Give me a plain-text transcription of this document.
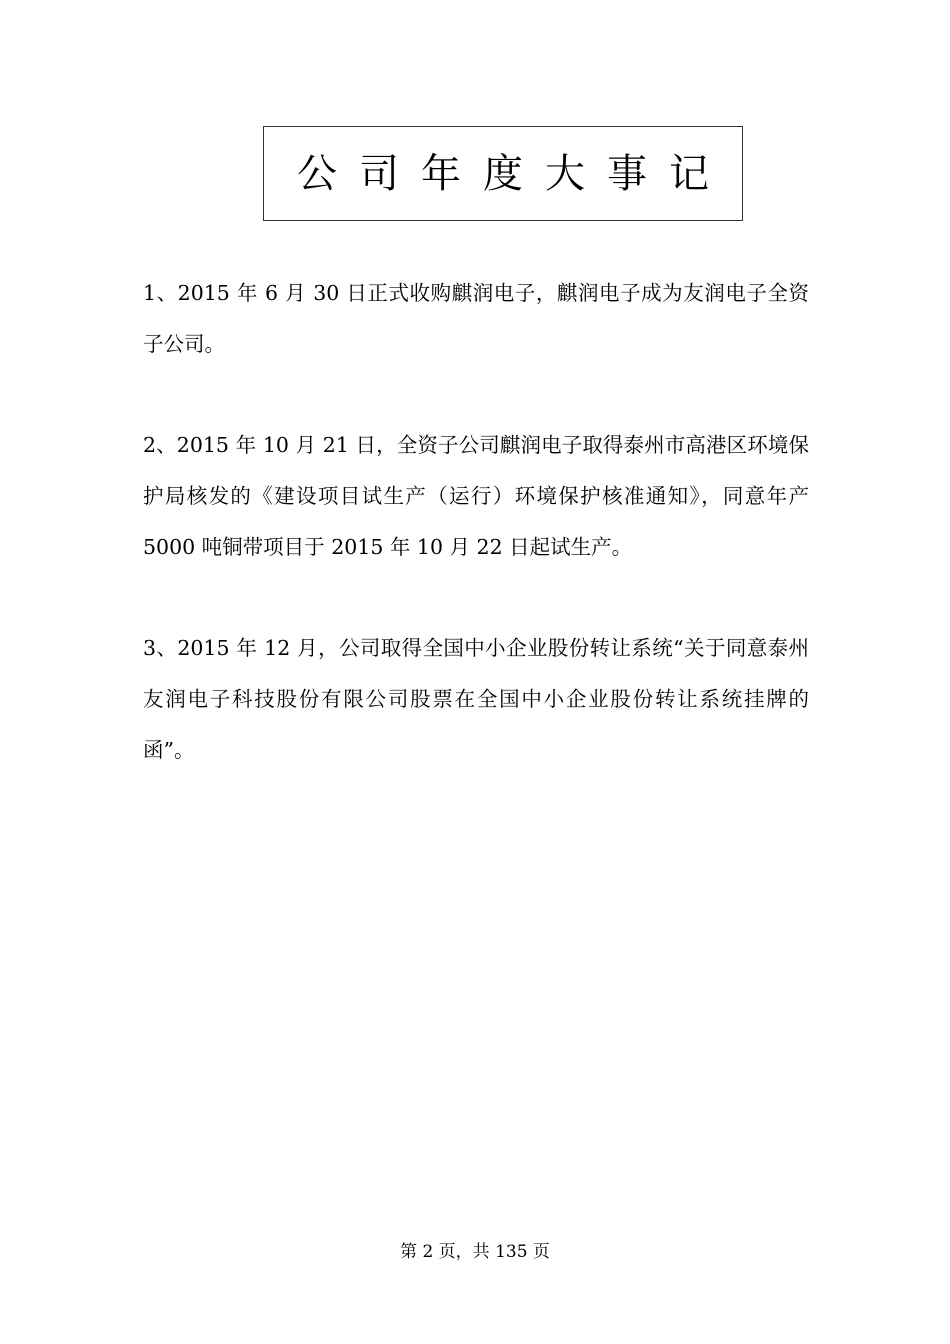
公司年度大事记

1、2015 年 6 月 30 日正式收购麒润电子，麒润电子成为友润电子全资子公司。

2、2015 年 10 月 21 日，全资子公司麒润电子取得泰州市高港区环境保护局核发的《建设项目试生产（运行）环境保护核准通知》，同意年产 5000 吨铜带项目于 2015 年 10 月 22 日起试生产。

3、2015 年 12 月，公司取得全国中小企业股份转让系统“关于同意泰州友润电子科技股份有限公司股票在全国中小企业股份转让系统挂牌的函”。

第 2 页，共 135 页
